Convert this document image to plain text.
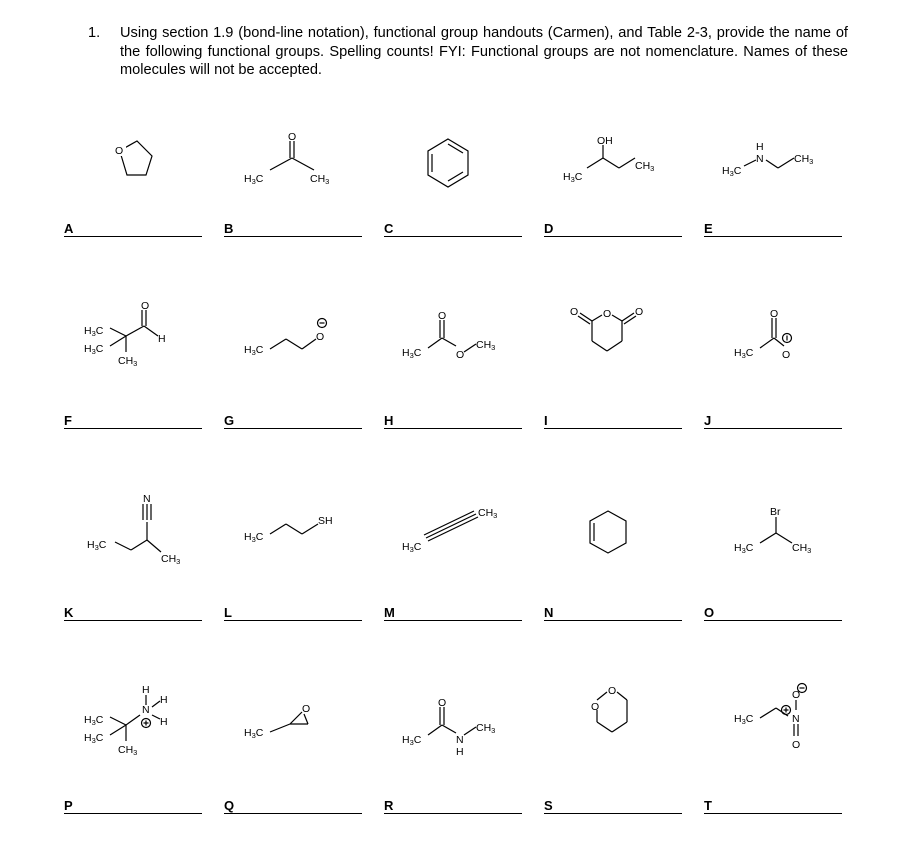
1. Using section 1.9 (bond-line notation), functional group handouts (Carmen), and Table 2-3, provide the name of the following functional groups. Spelling counts! FYI: Functional groups are not nomenclature. Names of these molecules will not be accepted.
O
O
H3C	CH3
OH
H3C
CH3
H
N
H3C
CH3
O
H
H3C
H3C
CH3
O
H3C
O
O
H3C
CH3
O
O	O	O
O
H3C
N
H3C
CH3
SH
H3C
H3C
CH3	Br
H3C	CH3
H
N
H
H
H3C
H3C
CH3
O
H3C
O
N
H
H3C
CH3
O
O
O
N
O
H3C
A	B	C	D	E
F	G	H	I	J
K	L	M	N	O
P	Q	R	S	T
